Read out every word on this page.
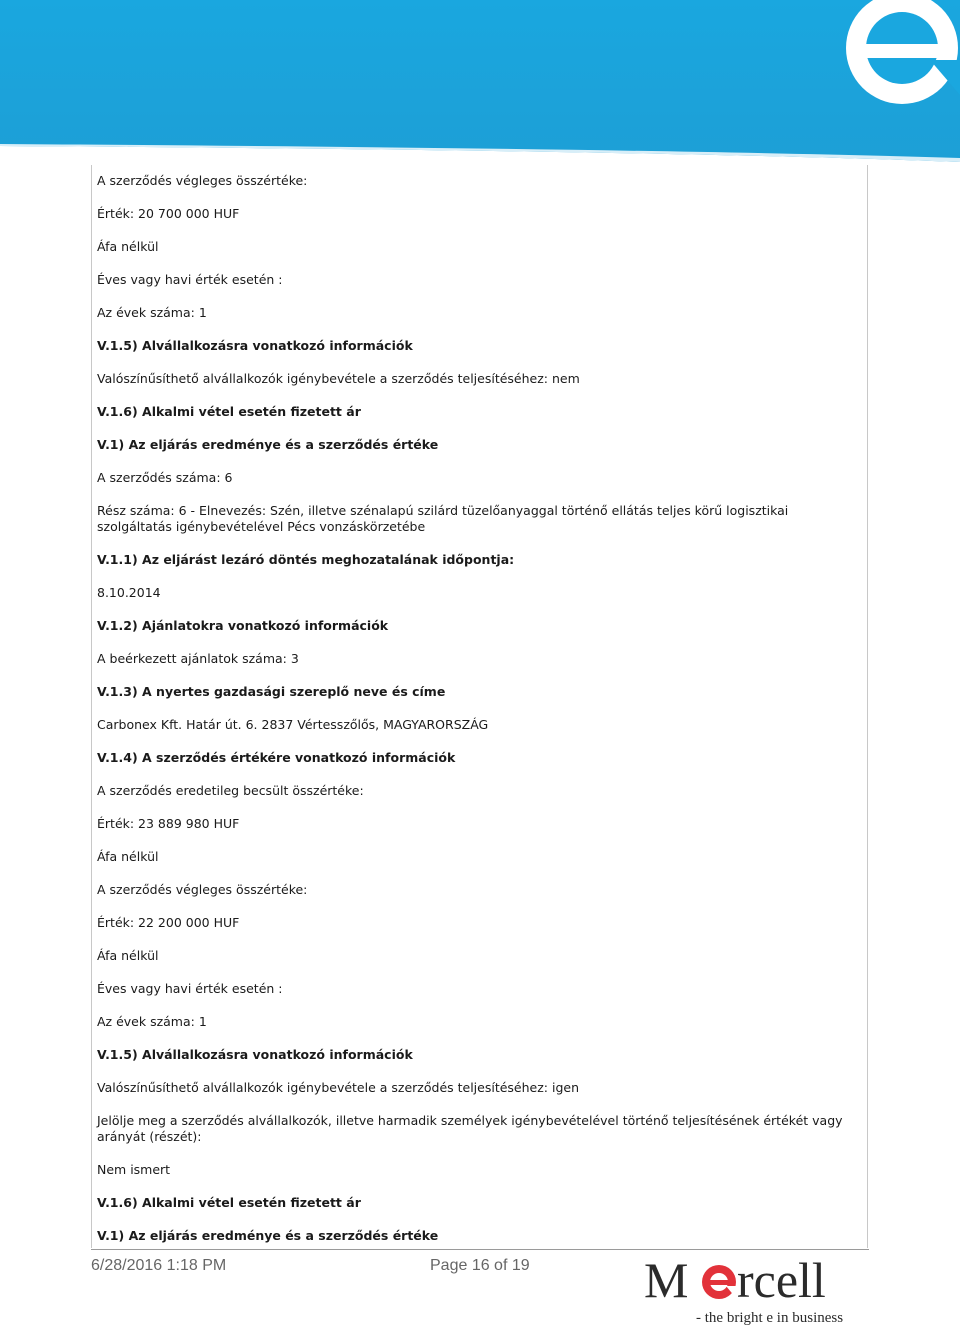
A szerződés végleges összértéke:
Érték: 20 700 000 HUF
Áfa nélkül
Éves vagy havi érték esetén :
Az évek száma: 1
V.1.5) Alvállalkozásra vonatkozó információk
Valószínűsíthető alvállalkozók igénybevétele a szerződés teljesítéséhez: nem
V.1.6) Alkalmi vétel esetén fizetett ár
V.1) Az eljárás eredménye és a szerződés értéke
A szerződés száma: 6
Rész száma: 6 - Elnevezés: Szén, illetve szénalapú szilárd tüzelőanyaggal történő ellátás teljes körű logisztikai szolgáltatás igénybevételével Pécs vonzáskörzetébe
V.1.1) Az eljárást lezáró döntés meghozatalának időpontja:
8.10.2014
V.1.2) Ajánlatokra vonatkozó információk
A beérkezett ajánlatok száma: 3
V.1.3) A nyertes gazdasági szereplő neve és címe
Carbonex Kft. Határ út. 6. 2837 Vértesszőlős, MAGYARORSZÁG
V.1.4) A szerződés értékére vonatkozó információk
A szerződés eredetileg becsült összértéke:
Érték: 23 889 980 HUF
Áfa nélkül
A szerződés végleges összértéke:
Érték: 22 200 000 HUF
Áfa nélkül
Éves vagy havi érték esetén :
Az évek száma: 1
V.1.5) Alvállalkozásra vonatkozó információk
Valószínűsíthető alvállalkozók igénybevétele a szerződés teljesítéséhez: igen
Jelölje meg a szerződés alvállalkozók, illetve harmadik személyek igénybevételével történő teljesítésének értékét vagy arányát (részét):
Nem ismert
V.1.6) Alkalmi vétel esetén fizetett ár
V.1) Az eljárás eredménye és a szerződés értéke
6/28/2016 1:18 PM	Page 16 of 19 M rcell
- the bright e in business
